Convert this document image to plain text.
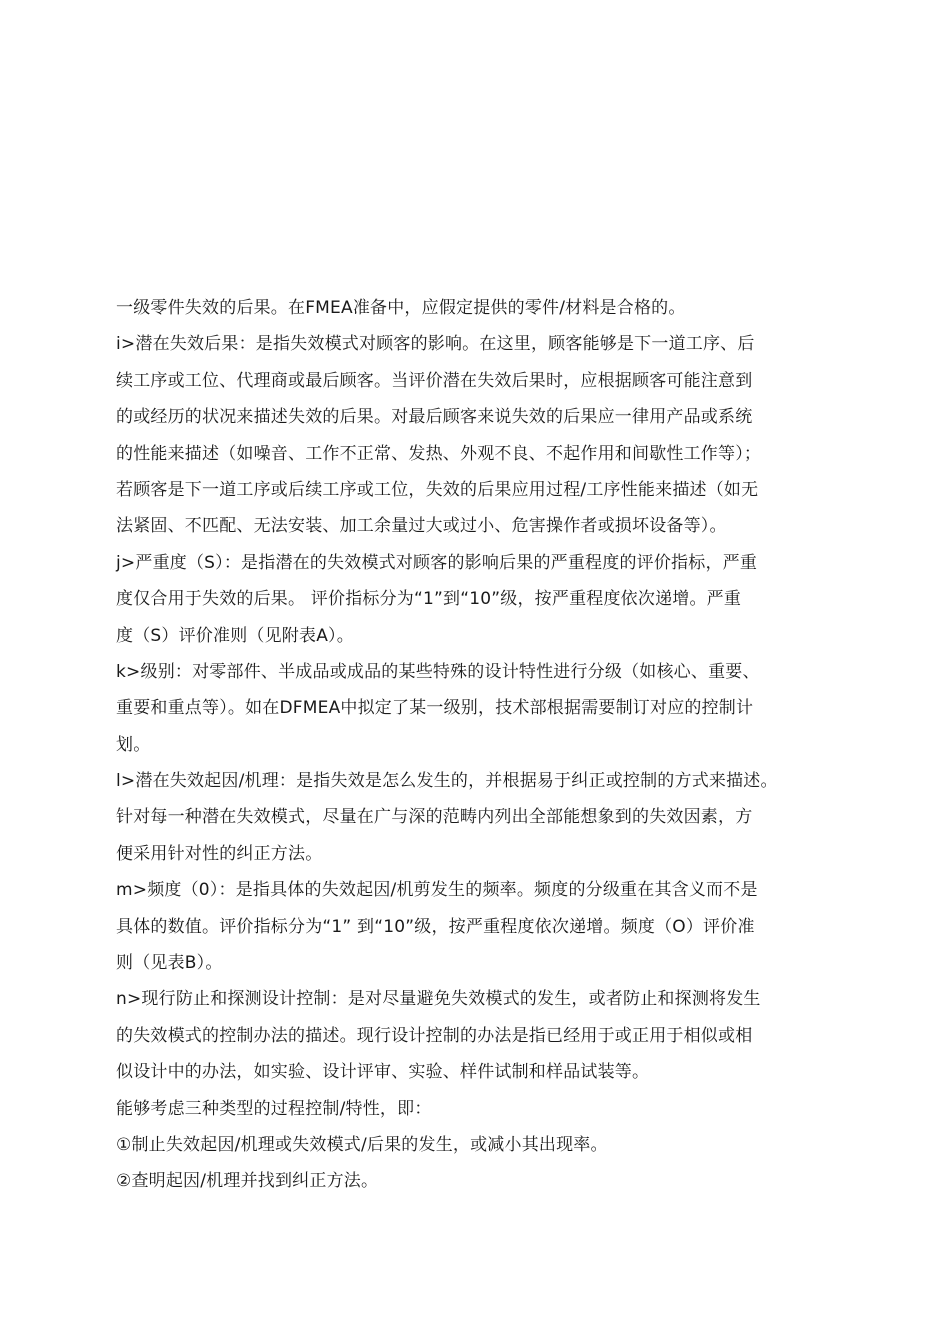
一级零件失效的后果。在FMEA准备中，应假定提供的零件/材料是合格的。
i>潜在失效后果：是指失效模式对顾客的影响。在这里，顾客能够是下一道工序、后
续工序或工位、代理商或最后顾客。当评价潜在失效后果时，应根据顾客可能注意到
的或经历的状况来描述失效的后果。对最后顾客来说失效的后果应一律用产品或系统
的性能来描述（如噪音、工作不正常、发热、外观不良、不起作用和间歇性工作等）；
若顾客是下一道工序或后续工序或工位，失效的后果应用过程/工序性能来描述（如无
法紧固、不匹配、无法安装、加工余量过大或过小、危害操作者或损坏设备等）。
j>严重度（S）：是指潜在的失效模式对顾客的影响后果的严重程度的评价指标，严重
度仅合用于失效的后果。 评价指标分为“1”到“10”级，按严重程度依次递增。严重
度（S）评价准则（见附表A）。
k>级别：对零部件、半成品或成品的某些特殊的设计特性进行分级（如核心、重要、
重要和重点等）。如在DFMEA中拟定了某一级别，技术部根据需要制订对应的控制计
划。
l>潜在失效起因/机理：是指失效是怎么发生的，并根据易于纠正或控制的方式来描述。
针对每一种潜在失效模式，尽量在广与深的范畴内列出全部能想象到的失效因素，方
便采用针对性的纠正方法。
m>频度（0）：是指具体的失效起因/机剪发生的频率。频度的分级重在其含义而不是
具体的数值。评价指标分为“1” 到“10”级，按严重程度依次递增。频度（O）评价准
则（见表B）。
n>现行防止和探测设计控制：是对尽量避免失效模式的发生，或者防止和探测将发生
的失效模式的控制办法的描述。现行设计控制的办法是指已经用于或正用于相似或相
似设计中的办法，如实验、设计评审、实验、样件试制和样品试装等。
能够考虑三种类型的过程控制/特性，即：
①制止失效起因/机理或失效模式/后果的发生，或减小其出现率。
②查明起因/机理并找到纠正方法。
